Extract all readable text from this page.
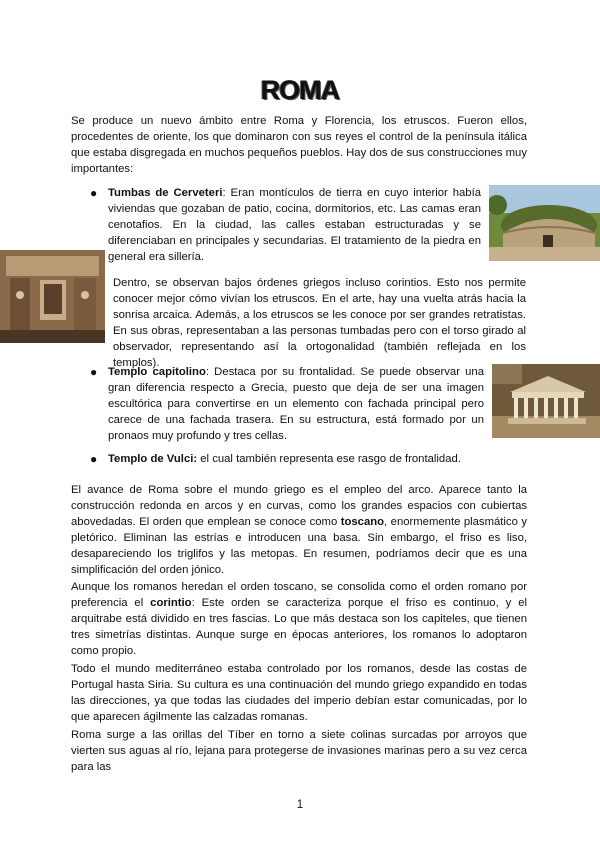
ROMA

Se produce un nuevo ámbito entre Roma y Florencia, los etruscos. Fueron ellos, procedentes de oriente, los que dominaron con sus reyes el control de la península itálica que estaba disgregada en muchos pequeños pueblos. Hay dos de sus construcciones muy importantes:

● Tumbas de Cerveteri: Eran montículos de tierra en cuyo interior había viviendas que gozaban de patio, cocina, dormitorios, etc. Las camas eran cenotafios. En la ciudad, las calles estaban estructuradas y se diferenciaban en principales y secundarias. El tratamiento de la piedra en general era sillería.

Dentro, se observan bajos órdenes griegos incluso corintios. Esto nos permite conocer mejor cómo vivían los etruscos. En el arte, hay una vuelta atrás hacia la sonrisa arcaica. Además, a los etruscos se les conoce por ser grandes retratistas. En sus obras, representaban a las personas tumbadas pero con el torso girado al observador, representando así la ortogonalidad (también reflejada en los templos).

● Templo capitolino: Destaca por su frontalidad. Se puede observar una gran diferencia respecto a Grecia, puesto que deja de ser una imagen escultórica para convertirse en un elemento con fachada principal pero carece de una fachada trasera. En su estructura, está formado por un pronaos muy profundo y tres cellas.

● Templo de Vulci: el cual también representa ese rasgo de frontalidad.

El avance de Roma sobre el mundo griego es el empleo del arco. Aparece tanto la construcción redonda en arcos y en curvas, como los grandes espacios con cubiertas abovedadas. El orden que emplean se conoce como toscano, enormemente plasmático y pletórico. Eliminan las estrías e introducen una basa. Sin embargo, el friso es liso, desapareciendo los triglifos y las metopas. En resumen, podríamos decir que es una simplificación del orden jónico.

Aunque los romanos heredan el orden toscano, se consolida como el orden romano por preferencia el corintio: Este orden se caracteriza porque el friso es continuo, y el arquitrabe está dividido en tres fascias. Lo que más destaca son los capiteles, que tienen tres simetrías distintas. Aunque surge en épocas anteriores, los romanos lo adoptaron como propio.

Todo el mundo mediterráneo estaba controlado por los romanos, desde las costas de Portugal hasta Siria. Su cultura es una continuación del mundo griego expandido en todas las direcciones, ya que todas las ciudades del imperio debían estar comunicadas, por lo que aparecen ágilmente las calzadas romanas.

Roma surge a las orillas del Tíber en torno a siete colinas surcadas por arroyos que vierten sus aguas al río, lejana para protegerse de invasiones marinas pero a su vez cerca para las

1
